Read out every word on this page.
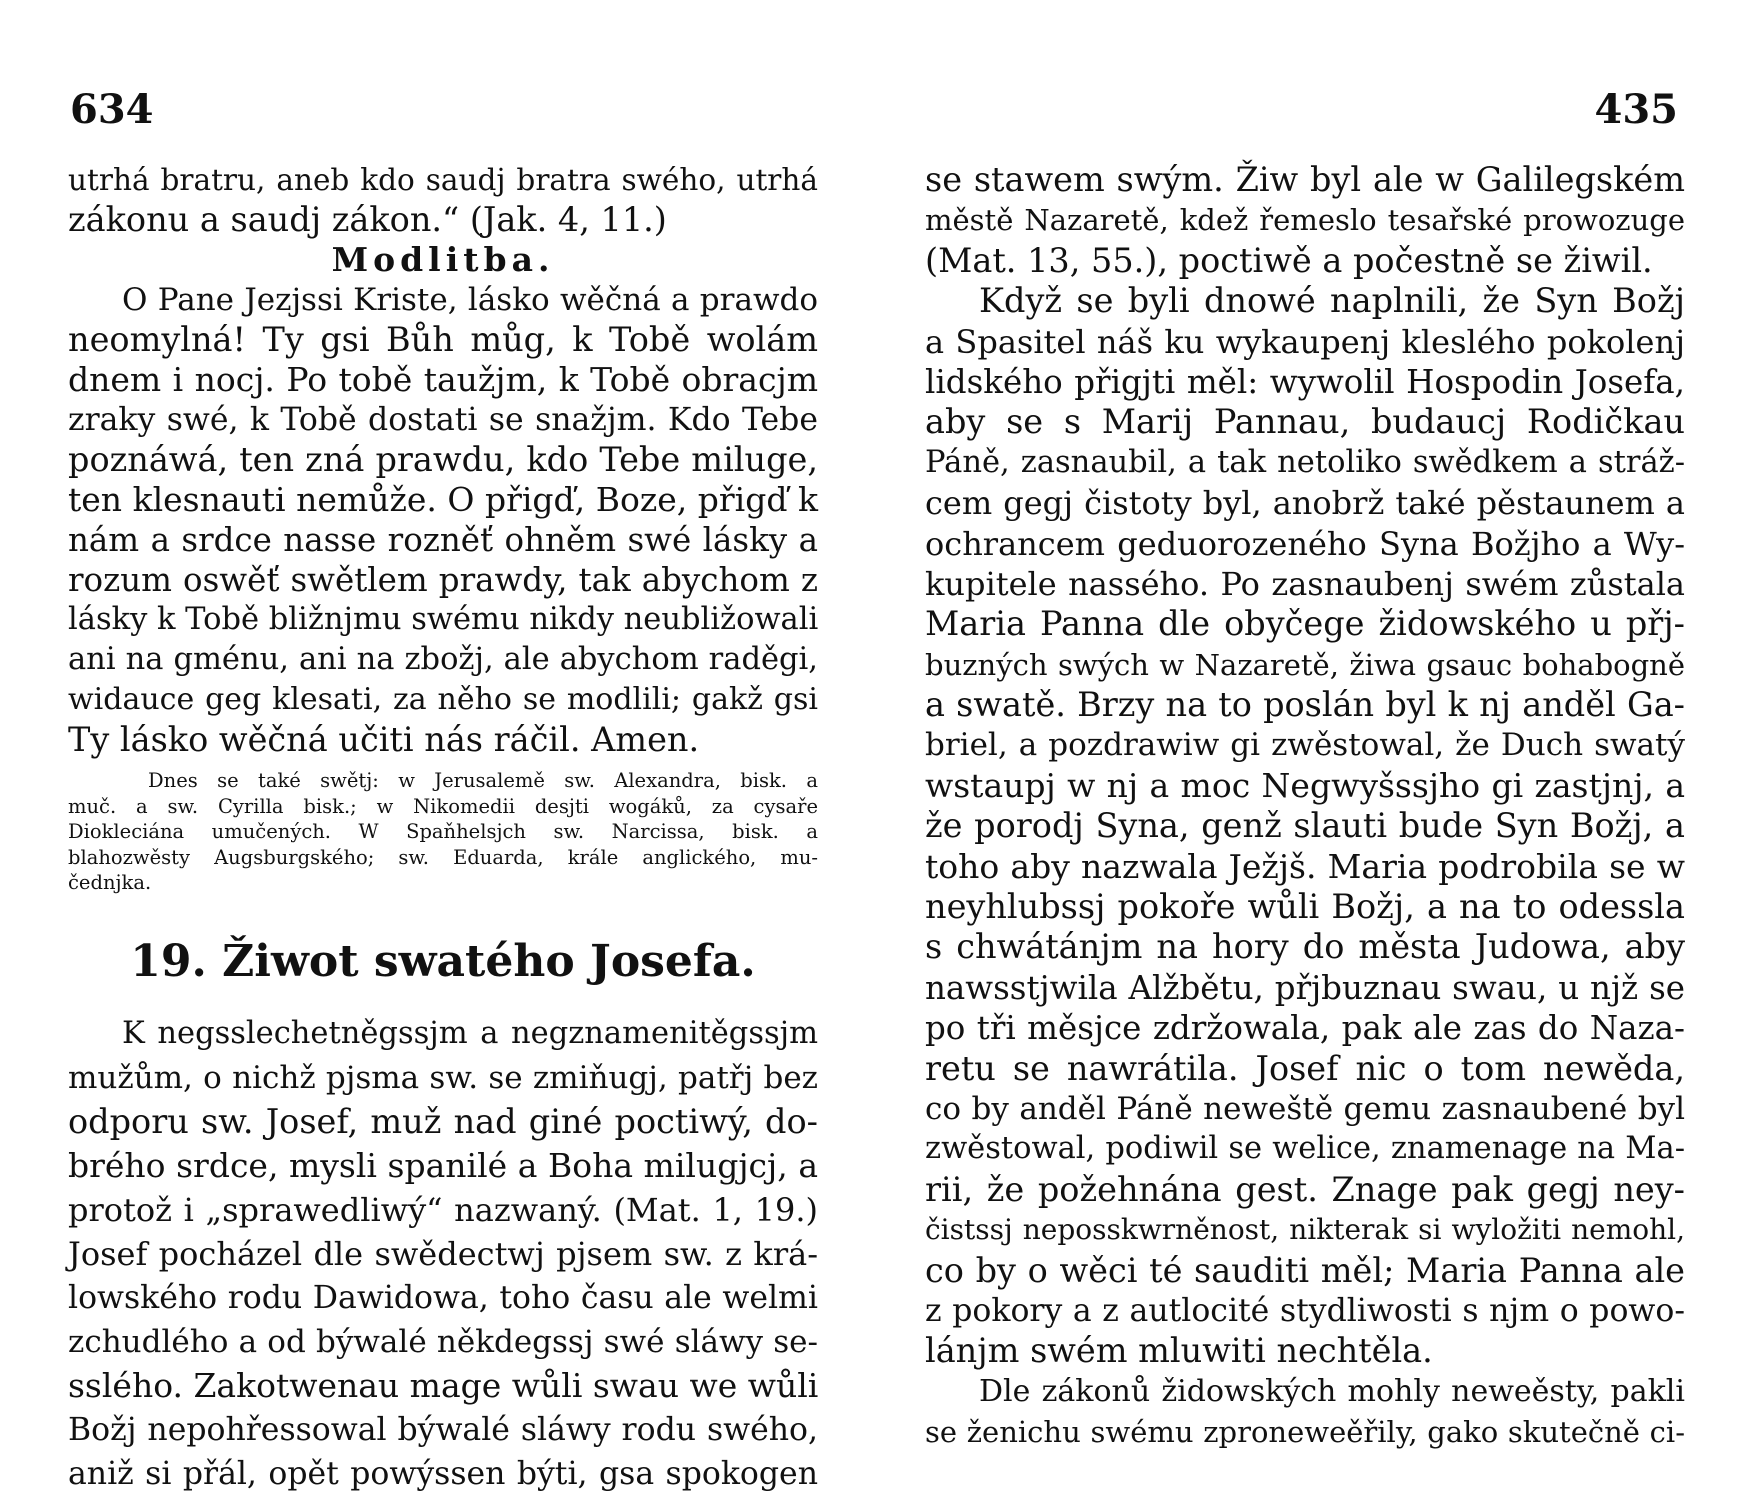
634
utrhá bratru, aneb kdo saudj bratra swého, utrhá
zákonu a saudj zákon.“ (Jak. 4, 11.)
Modlitba.
O Pane Jezjssi Kriste, lásko wěčná a prawdo
neomylná! Ty gsi Bůh můg, k Tobě wolám
dnem i nocj. Po tobě taužjm, k Tobě obracjm
zraky swé, k Tobě dostati se snažjm. Kdo Tebe
poznáwá, ten zná prawdu, kdo Tebe miluge,
ten klesnauti nemůže. O přigď, Boze, přigď k
nám a srdce nasse rozněť ohněm swé lásky a
rozum oswěť swětlem prawdy, tak abychom z
lásky k Tobě bližnjmu swému nikdy neubližowali
ani na gménu, ani na zbožj, ale abychom raděgi,
widauce geg klesati, za něho se modlili; gakž gsi
Ty lásko wěčná učiti nás ráčil. Amen.
Dnes se také swětj: w Jerusalemě sw. Alexandra, bisk. a
muč. a sw. Cyrilla bisk.; w Nikomedii desjti wogáků, za cysaře
Diokleciána umučených. W Spaňhelsjch sw. Narcissa, bisk. a
blahozwěsty Augsburgského; sw. Eduarda, krále anglického, mu-
čednjka.
19. Žiwot swatého Josefa.
K negsslechetněgssjm a negznamenitěgssjm
mužům, o nichž pjsma sw. se zmiňugj, patřj bez
odporu sw. Josef, muž nad giné poctiwý, do-
brého srdce, mysli spanilé a Boha milugjcj, a
protož i „sprawedliwý“ nazwaný. (Mat. 1, 19.)
Josef pocházel dle swědectwj pjsem sw. z krá-
lowského rodu Dawidowa, toho času ale welmi
zchudlého a od býwalé někdegssj swé sláwy se-
sslého. Zakotwenau mage wůli swau we wůli
Božj nepohřessowal býwalé sláwy rodu swého,
aniž si přál, opět powýssen býti, gsa spokogen
435
se stawem swým. Žiw byl ale w Galilegském
městě Nazaretě, kdež řemeslo tesařské prowozuge
(Mat. 13, 55.), poctiwě a počestně se žiwil.
Když se byli dnowé naplnili, že Syn Božj
a Spasitel náš ku wykaupenj klesléhо pokolenj
lidského přigjti měl: wywolil Hospodin Josefa,
aby se s Marij Pannau, budaucj Rodičkau
Páně, zasnaubil, a tak netoliko swědkem a stráž-
cem gegj čistoty byl, anobrž také pěstaunem a
ochrancem geduorozeného Syna Božjho a Wy-
kupitele nassého. Po zasnaubenj swém zůstala
Maria Panna dle obyčege židowského u přj-
buzných swých w Nazaretě, žiwa gsauc bohabogně
a swatě. Brzy na to poslán byl k nj anděl Ga-
briel, a pozdrawiw gi zwěstowal, že Duch swatý
wstaupj w nj a moc Negwyšssjho gi zastjnj, a
že porodj Syna, genž slauti bude Syn Božj, a
toho aby nazwala Ježjš. Maria podrobila se w
neyhlubssj pokoře wůli Božj, a na to odessla
s chwátánjm na hory do města Judowa, aby
nawsstjwila Alžbětu, přjbuznau swau, u njž se
po tři měsjce zdržowala, pak ale zas do Naza-
retu se nawrátila. Josef nic o tom newěda,
co by anděl Páně neweště gemu zasnaubené byl
zwěstowal, podiwil se welice, znamenage na Ma-
rii, že požehnána gest. Znage pak gegj ney-
čistssj nepossk​wrněnost, nikterak si wyložiti nemohl,
co by o wěci té sauditi měl; Maria Panna ale
z pokory a z autlocité stydliwosti s njm o powo-
lánjm swém mluwiti nechtěla.
Dle zákonů židowských mohly neweěsty, pakli
se ženichu swému zproneweěřily, gako skutečně ci-
